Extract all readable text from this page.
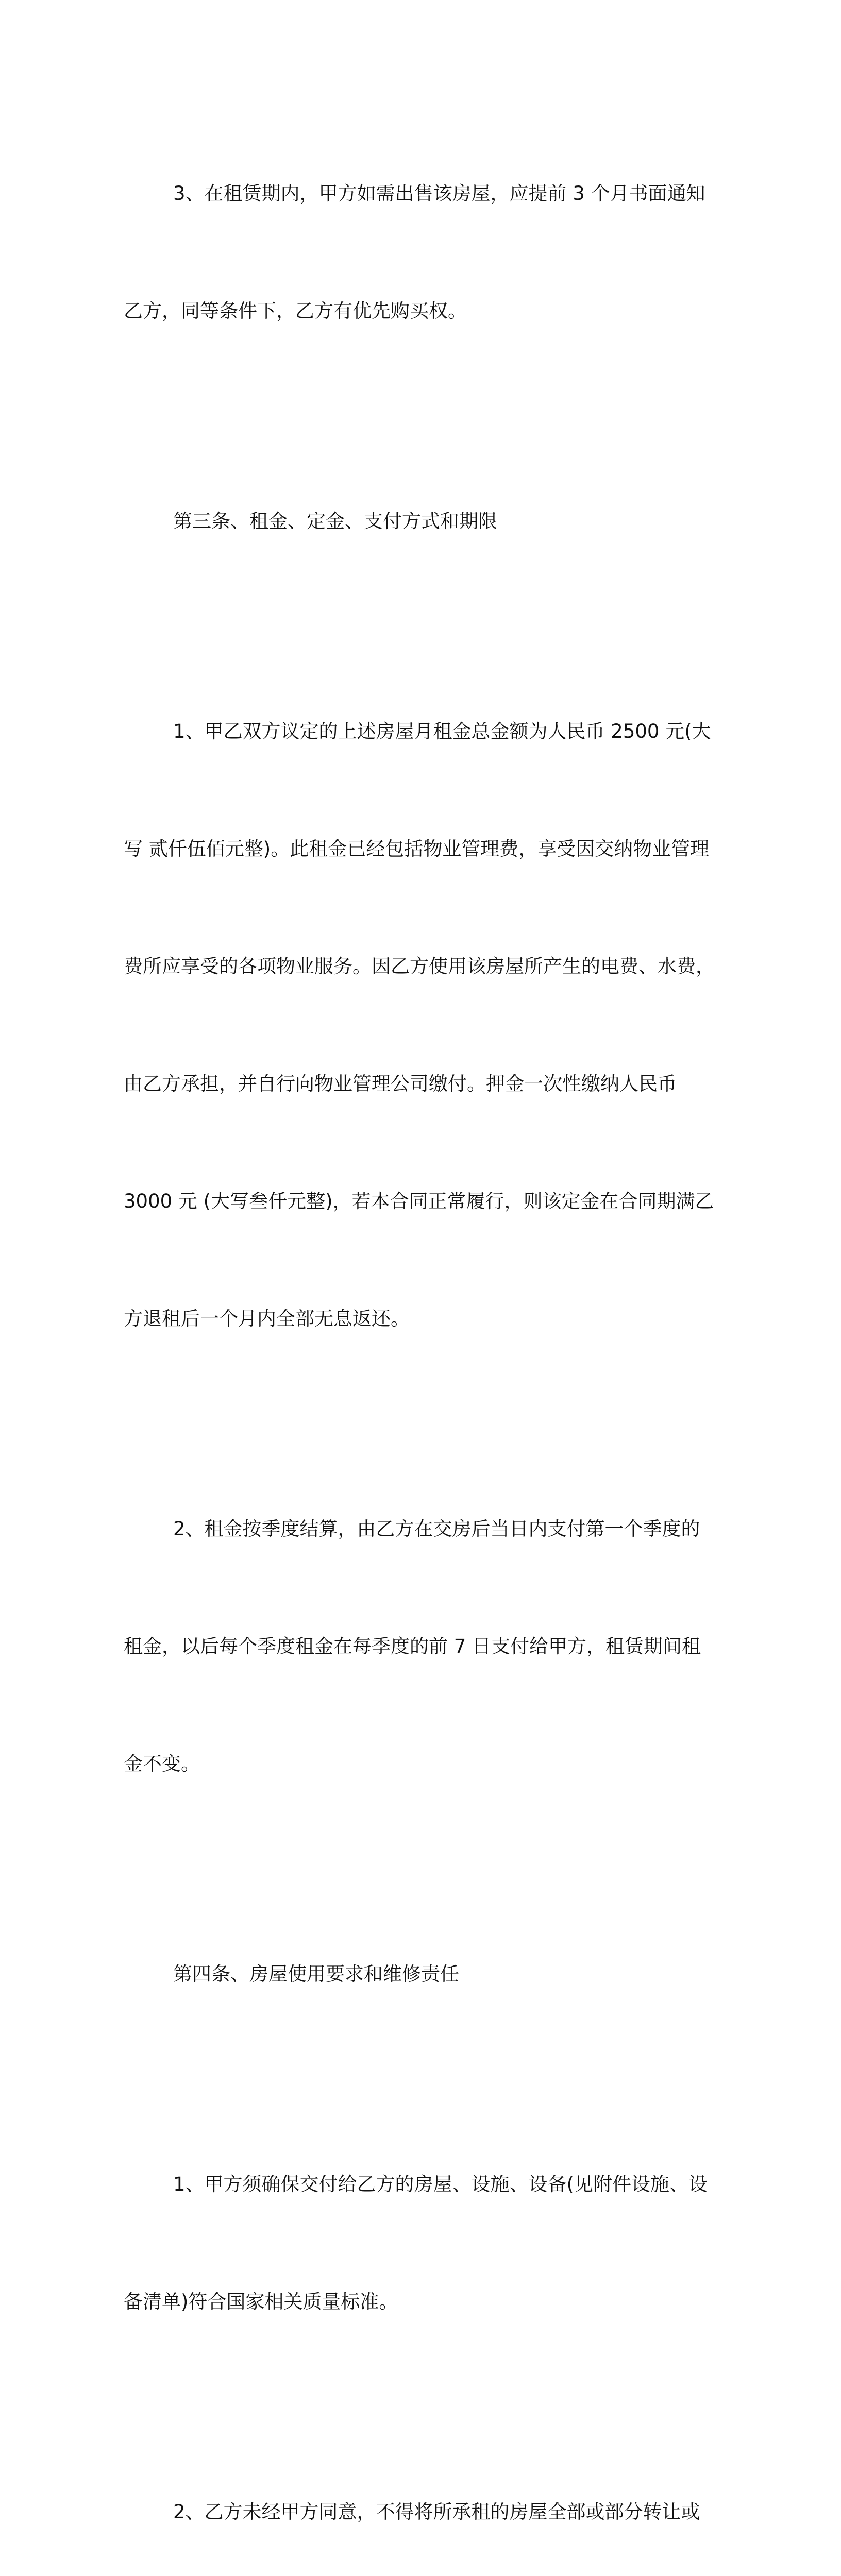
3、在租赁期内，甲方如需出售该房屋，应提前 3 个月书面通知

乙方，同等条件下，乙方有优先购买权。

第三条、租金、定金、支付方式和期限

1、甲乙双方议定的上述房屋月租金总金额为人民币 2500 元(大

写 贰仟伍佰元整)。此租金已经包括物业管理费，享受因交纳物业管理

费所应享受的各项物业服务。因乙方使用该房屋所产生的电费、水费，

由乙方承担，并自行向物业管理公司缴付。押金一次性缴纳人民币

3000 元 (大写叁仟元整)，若本合同正常履行，则该定金在合同期满乙

方退租后一个月内全部无息返还。

2、租金按季度结算，由乙方在交房后当日内支付第一个季度的

租金，以后每个季度租金在每季度的前 7 日支付给甲方，租赁期间租

金不变。

第四条、房屋使用要求和维修责任

1、甲方须确保交付给乙方的房屋、设施、设备(见附件设施、设

备清单)符合国家相关质量标准。

2、乙方未经甲方同意，不得将所承租的房屋全部或部分转让或
